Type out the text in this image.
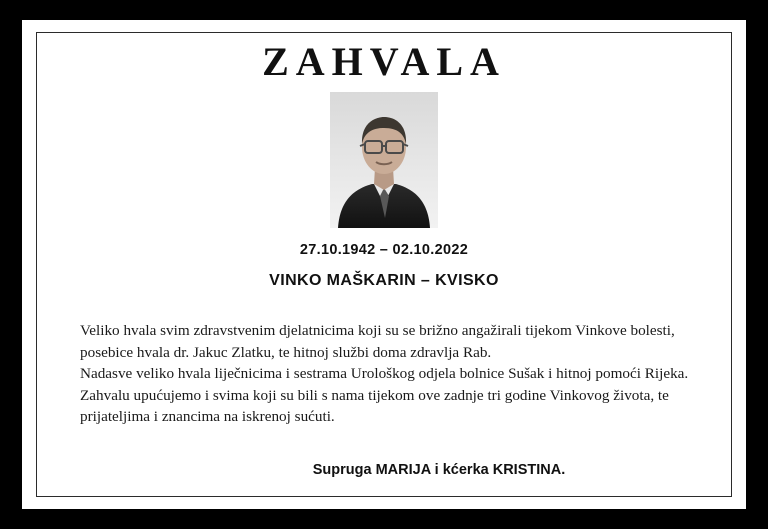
ZAHVALA
27.10.1942 – 02.10.2022
VINKO MAŠKARIN – KVISKO

Veliko hvala svim zdravstvenim djelatnicima koji su se brižno angažirali tijekom Vinkove bolesti, posebice hvala dr. Jakuc Zlatku, te hitnoj službi doma zdravlja Rab.

Nadasve veliko hvala liječnicima i sestrama Urološkog odjela bolnice Sušak i hitnoj pomoći Rijeka.

Zahvalu upućujemo i svima koji su bili s nama tijekom ove zadnje tri godine Vinkovog života, te prijateljima i znancima na iskrenoj sućuti.

Supruga MARIJA i kćerka KRISTINA.
